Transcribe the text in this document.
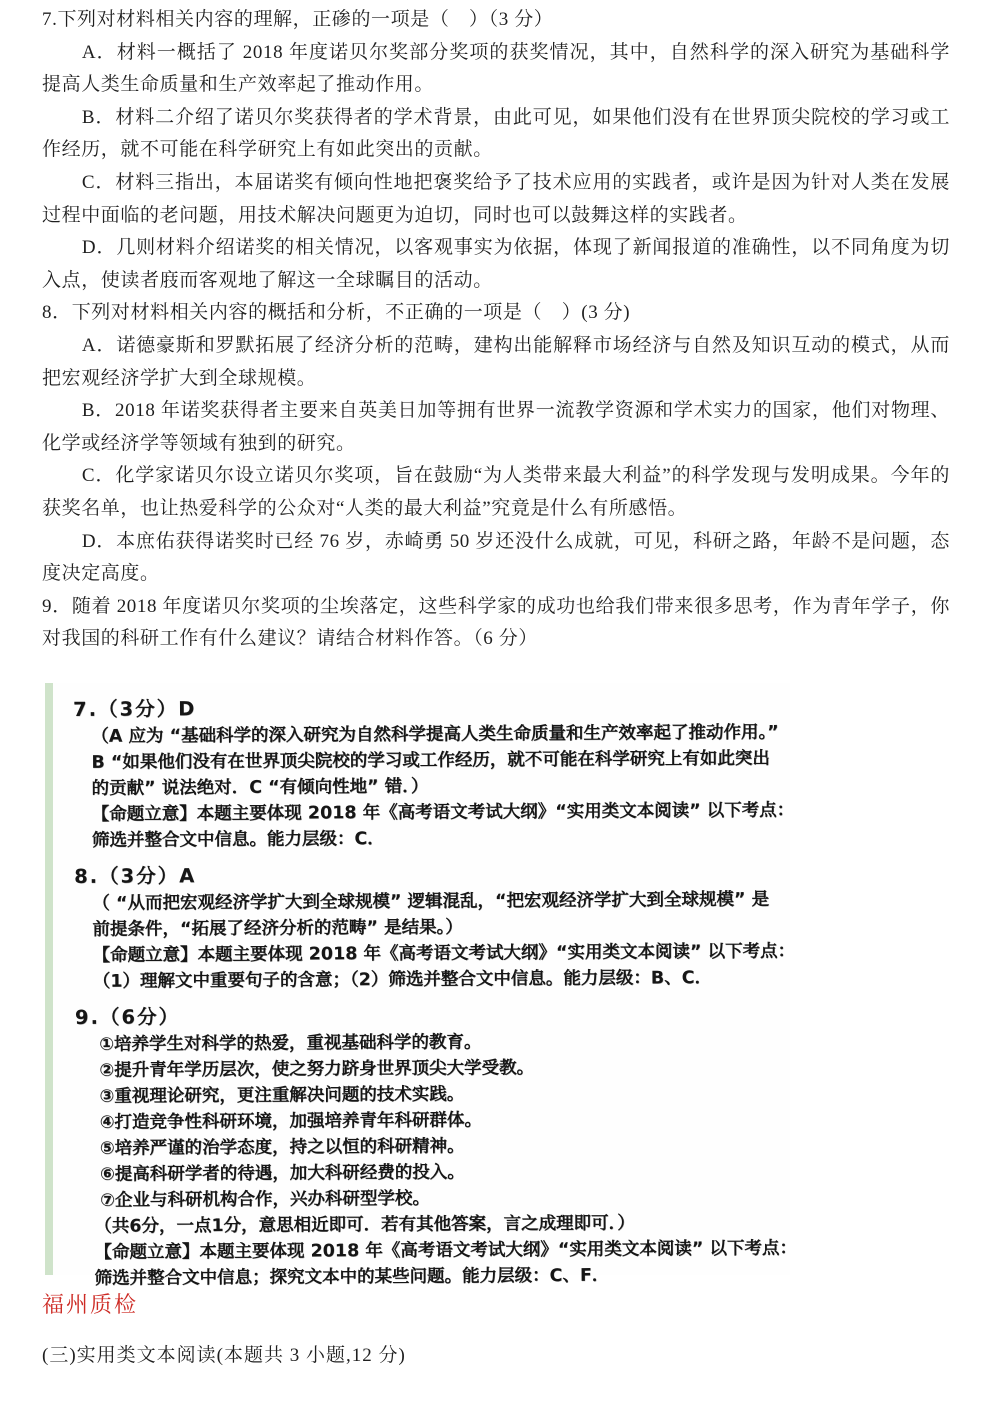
7.下列对材料相关内容的理解，正碜的一项是（　）（3 分）

A．材料一概括了 2018 年度诺贝尔奖部分奖项的获奖情况，其中，自然科学的深入研究为基础科学提高人类生命质量和生产效率起了推动作用。

B．材料二介绍了诺贝尔奖获得者的学术背景，由此可见，如果他们没有在世界顶尖院校的学习或工作经历，就不可能在科学研究上有如此突出的贡献。

C．材料三指出，本届诺奖有倾向性地把褒奖给予了技术应用的实践者，或许是因为针对人类在发展过程中面临的老问题，用技术解决问题更为迫切，同时也可以鼓舞这样的实践者。

D．几则材料介绍诺奖的相关情况，以客观事实为依据，体现了新闻报道的准确性，以不同角度为切入点，使读者庪而客观地了解这一全球瞩目的活动。

8．下列对材料相关内容的概括和分析，不正确的一项是（　）(3 分)

A．诺德豪斯和罗默拓展了经济分析的范畴，建构出能解释市场经济与自然及知识互动的模式，从而把宏观经济学扩大到全球规模。

B．2018 年诺奖获得者主要来自英美日加等拥有世界一流教学资源和学术实力的国家，他们对物理、化学或经济学等领域有独到的研究。

C．化学家诺贝尔设立诺贝尔奖项，旨在鼓励“为人类带来最大利益”的科学发现与发明成果。今年的获奖名单，也让热爱科学的公众对“人类的最大利益”究竟是什么有所感悟。

D．本庶佑获得诺奖时已经 76 岁，赤崎勇 50 岁还没什么成就，可见，科研之路，年龄不是问题，态度决定高度。

9．随着 2018 年度诺贝尔奖项的尘埃落定，这些科学家的成功也给我们带来很多思考，作为青年学子，你对我国的科研工作有什么建议？请结合材料作答。（6 分）

7.（3分）D
（A 应为 “基础科学的深入研究为自然科学提高人类生命质量和生产效率起了推动作用。”
B “如果他们没有在世界顶尖院校的学习或工作经历，就不可能在科学研究上有如此突出
的贡献” 说法绝对．C “有倾向性地” 错．）
【命题立意】本题主要体现 2018 年《高考语文考试大纲》“实用类文本阅读” 以下考点：
筛选并整合文中信息。能力层级：C．
8.（3分）A
（ “从而把宏观经济学扩大到全球规模” 逻辑混乱，“把宏观经济学扩大到全球规模” 是
前提条件，“拓展了经济分析的范畴” 是结果。）
【命题立意】本题主要体现 2018 年《高考语文考试大纲》“实用类文本阅读” 以下考点：
（1）理解文中重要句子的含意；（2）筛选并整合文中信息。能力层级：B、C．
9.（6分）
①培养学生对科学的热爱，重视基础科学的教育。
②提升青年学历层次，使之努力跻身世界顶尖大学受教。
③重视理论研究，更注重解决问题的技术实践。
④打造竞争性科研环境，加强培养青年科研群体。
⑤培养严谨的治学态度，持之以恒的科研精神。
⑥提高科研学者的待遇，加大科研经费的投入。
⑦企业与科研机构合作，兴办科研型学校。
（共6分，一点1分，意思相近即可．若有其他答案，言之成理即可．）
【命题立意】本题主要体现 2018 年《高考语文考试大纲》“实用类文本阅读” 以下考点：
筛选并整合文中信息；探究文本中的某些问题。能力层级：C、F．
福州质检
(三)实用类文本阅读(本题共 3 小题,12 分)
